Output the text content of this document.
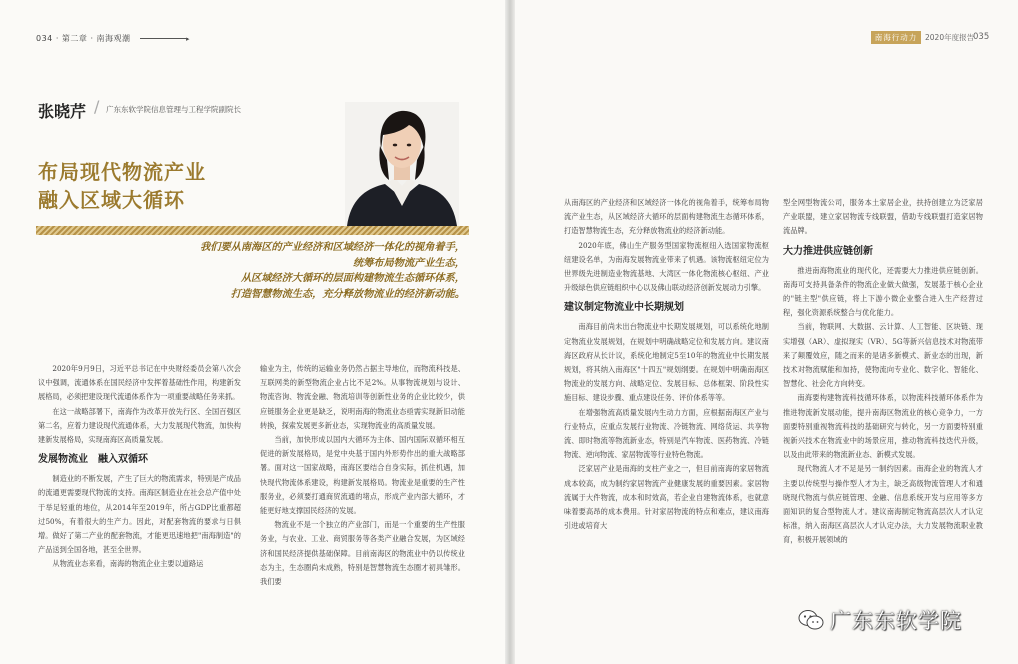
034 · 第二章 · 南海观潮	▸
张晓芹 / 广东东软学院信息管理与工程学院副院长
布局现代物流产业
融入区域大循环
我们要从南海区的产业经济和区域经济一体化的视角着手，
统筹布局物流产业生态，
从区域经济大循环的层面构建物流生态循环体系，
打造智慧物流生态，充分释放物流业的经济新动能。

2020年9月9日，习近平总书记在中央财经委员会第八次会议中强调，流通体系在国民经济中发挥着基础性作用，构建新发展格局，必须把建设现代流通体系作为一项重要战略任务来抓。

在这一战略部署下，南海作为改革开放先行区、全国百强区第二名，应着力建设现代流通体系，大力发展现代物流，加快构建新发展格局，实现南海区高质量发展。

发展物流业　融入双循环

制造业的不断发展，产生了巨大的物流需求，特别是产成品的流通更需要现代物流的支持。南海区制造业在社会总产值中处于举足轻重的地位，从2014年至2019年，所占GDP比重都超过50%，有着很大的生产力。因此，对配套物流的要求与日俱增。做好了第二产业的配套物流，才能更迅速地把"南海制造"的产品送到全国各地，甚至全世界。

从物流业态来看，南海的物流企业主要以道路运

输业为主，传统的运输业务仍然占据主导地位，而物流科技是、互联网类的新型物流企业占比不足2%。从事物流规划与设计、物流咨询、物流金融、物流培训等创新性业务的企业比较少，供应链服务企业更是缺乏，说明南海的物流业态亟需实现新旧动能转换，探索发展更多新业态，实现物流业的高质量发展。

当前，加快形成以国内大循环为主体、国内国际双循环相互促进的新发展格局，是党中央基于国内外形势作出的重大战略部署。面对这一国家战略，南海区要结合自身实际，抓住机遇，加快现代物流体系建设，构建新发展格局。物流业是重要的生产性服务业，必须要打通商贸流通的堵点，形成产业内部大循环，才能更好地支撑国民经济的发展。

物流业不是一个独立的产业部门，而是一个重要的生产性服务业，与农业、工业、商贸服务等各类产业融合发展，为区域经济和国民经济提供基础保障。目前南海区的物流业中仍以传统业态为主，生态圈尚未成熟，特别是智慧物流生态圈才初具雏形。我们要

南海行动力	2020年度报告
035

从南海区的产业经济和区域经济一体化的视角着手，统筹布局物流产业生态，从区域经济大循环的层面构建物流生态循环体系，打造智慧物流生态，充分释放物流业的经济新动能。

2020年底，佛山生产服务型国家物流枢纽入选国家物流枢纽建设名单，为南海发展物流业带来了机遇。该物流枢纽定位为世界级先进制造业物流基地、大湾区一体化物流核心枢纽、产业升级绿色供应链组织中心以及佛山联动经济创新发展动力引擎。

建议制定物流业中长期规划

南海目前尚未出台物流业中长期发展规划，可以系统化地制定物流业发展规划，在规划中明确战略定位和发展方向。建议南海区政府从长计议，系统化地制定5至10年的物流业中长期发展规划，将其纳入南海区"十四五"规划纲要。在规划中明确南海区物流业的发展方向、战略定位、发展目标、总体框架、阶段性实施目标、建设步骤、重点建设任务、评价体系等等。

在增强物流高质量发展内生动力方面，应根据南海区产业与行业特点，应重点发展行业物流、冷链物流、网络货运、共享物流、即时物流等物流新业态，特别是汽车物流、医药物流、冷链物流、逆向物流、家居物流等行业特色物流。

泛家居产业是南海的支柱产业之一，但目前南海的家居物流成本较高，成为制约家居物流产业健康发展的重要因素。家居物流属于大件物流，成本和时效高，若企业自建物流体系，也就意味着要高昂的成本费用。针对家居物流的特点和难点，建议南海引进或培育大

型全网型物流公司，服务本土家居企业，扶持创建立为泛家居产业联盟，建立家居物流专线联盟，借助专线联盟打造家居物流品牌。

大力推进供应链创新

推进南海物流业的现代化，还需要大力推进供应链创新。南海可支持具备条件的物流企业做大做强，发展基于核心企业的"链主型"供应链，将上下游小微企业整合进入生产经营过程，强化资源系统整合与优化能力。

当前，物联网、大数据、云计算、人工智能、区块链、现实增强（AR）、虚拟现实（VR）、5G等新兴信息技术对物流带来了颠覆效应，随之而来的是诸多新模式、新业态的出现，新技术对物流赋能和加持，使物流向专业化、数字化、智能化、智慧化、社会化方向转变。

南海要构建物流科技循环体系，以物流科技循环体系作为推进物流新发展动能，提升南海区物流业的核心竞争力，一方面要特别重视物流科技的基础研究与转化，另一方面要特别重视新兴技术在物流业中的场景应用，推动物流科技迭代升级，以及由此带来的物流新业态、新模式发展。

现代物流人才不足是另一制约因素。南海企业的物流人才主要以传统型与操作型人才为主，缺乏高级物流管理人才和通晓现代物流与供应链管理、金融、信息系统开发与应用等多方面知识的复合型物流人才。建议南海制定物流高层次人才认定标准，纳入南海区高层次人才认定办法，大力发展物流职业教育，积极开展领域的

广东东软学院
